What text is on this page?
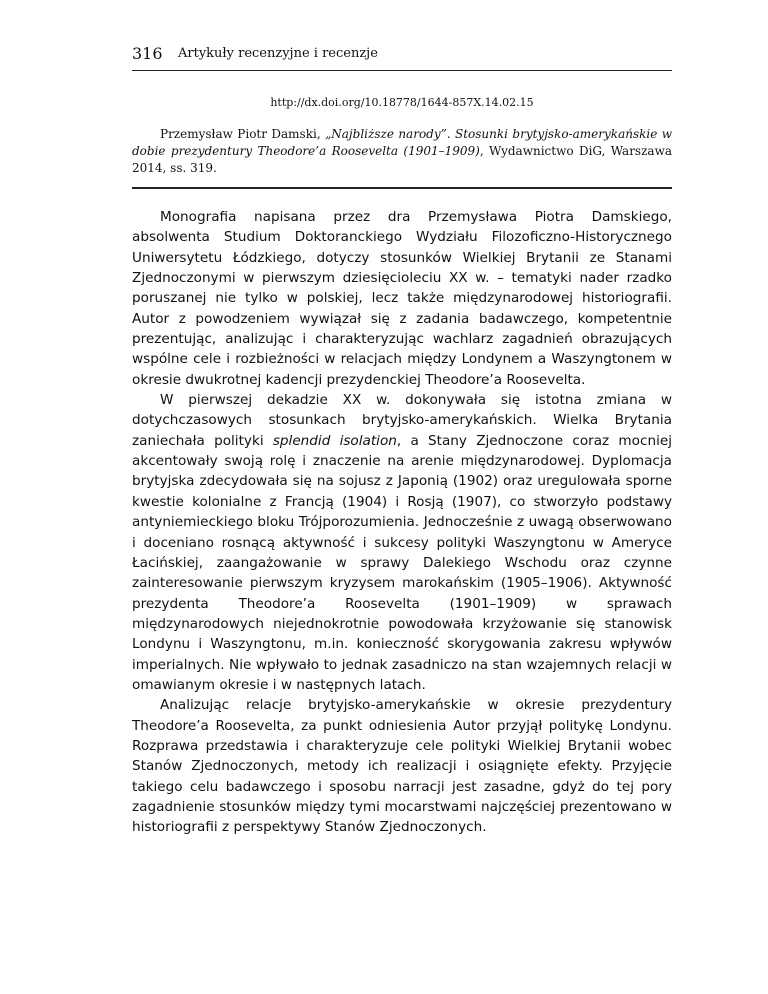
316 Artykuły recenzyjne i recenzje
http://dx.doi.org/10.18778/1644-857X.14.02.15
Przemysław Piotr Damski, „Najbliższe narody”. Stosunki brytyjsko-amerykańskie w dobie prezydentury Theodore’a Roosevelta (1901–1909), Wydawnictwo DiG, Warszawa 2014, ss. 319.

Monografia napisana przez dra Przemysława Piotra Damskiego, absolwenta Studium Doktoranckiego Wydziału Filozoficzno-Historycznego Uniwersytetu Łódzkiego, dotyczy stosunków Wielkiej Brytanii ze Stanami Zjednoczonymi w pierwszym dziesięcioleciu XX w. – tematyki nader rzadko poruszanej nie tylko w polskiej, lecz także międzynarodowej historiografii. Autor z powodzeniem wywiązał się z zadania badawczego, kompetentnie prezentując, analizując i charakteryzując wachlarz zagadnień obrazujących wspólne cele i rozbieżności w relacjach między Londynem a Waszyngtonem w okresie dwukrotnej kadencji prezydenckiej Theodore’a Roosevelta.

W pierwszej dekadzie XX w. dokonywała się istotna zmiana w dotychczasowych stosunkach brytyjsko-amerykańskich. Wielka Brytania zaniechała polityki splendid isolation, a Stany Zjednoczone coraz mocniej akcentowały swoją rolę i znaczenie na arenie międzynarodowej. Dyplomacja brytyjska zdecydowała się na sojusz z Japonią (1902) oraz uregulowała sporne kwestie kolonialne z Francją (1904) i Rosją (1907), co stworzyło podstawy antyniemieckiego bloku Trójporozumienia. Jednocześnie z uwagą obserwowano i doceniano rosnącą aktywność i sukcesy polityki Waszyngtonu w Ameryce Łacińskiej, zaangażowanie w sprawy Dalekiego Wschodu oraz czynne zainteresowanie pierwszym kryzysem marokańskim (1905–1906). Aktywność prezydenta Theodore’a Roosevelta (1901–1909) w sprawach międzynarodowych niejednokrotnie powodowała krzyżowanie się stanowisk Londynu i Waszyngtonu, m.in. konieczność skorygowania zakresu wpływów imperialnych. Nie wpływało to jednak zasadniczo na stan wzajemnych relacji w omawianym okresie i w następnych latach.

Analizując relacje brytyjsko-amerykańskie w okresie prezydentury Theodore’a Roosevelta, za punkt odniesienia Autor przyjął politykę Londynu. Rozprawa przedstawia i charakteryzuje cele polityki Wielkiej Brytanii wobec Stanów Zjednoczonych, metody ich realizacji i osiągnięte efekty. Przyjęcie takiego celu badawczego i sposobu narracji jest zasadne, gdyż do tej pory zagadnienie stosunków między tymi mocarstwami najczęściej prezentowano w historiografii z perspektywy Stanów Zjednoczonych.
